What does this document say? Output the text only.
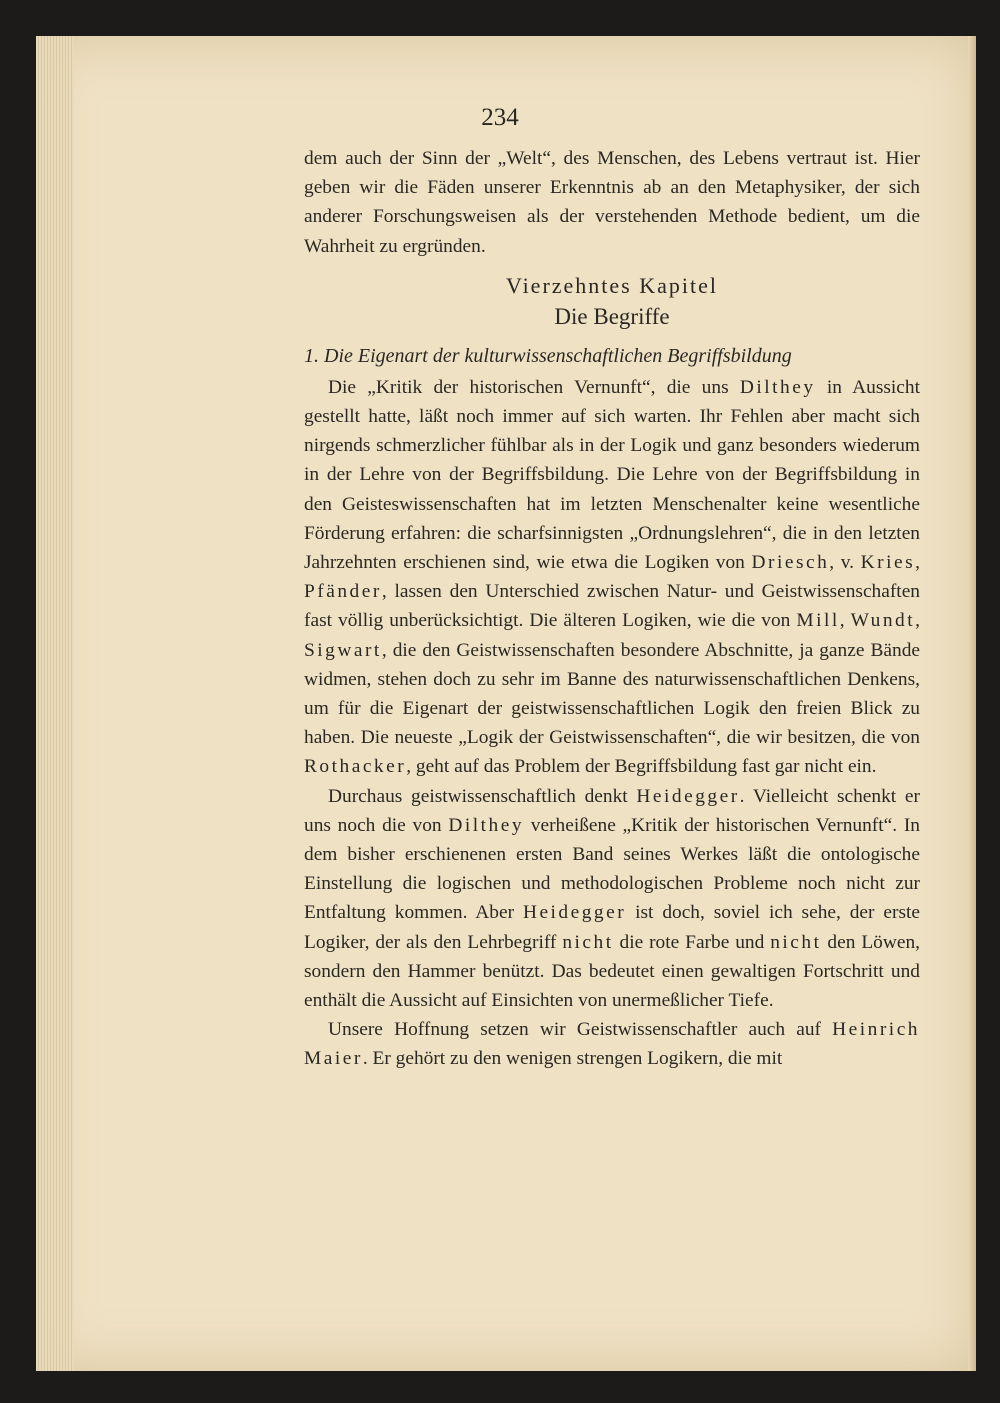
234

dem auch der Sinn der „Welt“, des Menschen, des Lebens vertraut ist. Hier geben wir die Fäden unserer Erkenntnis ab an den Metaphysiker, der sich anderer Forschungsweisen als der verstehenden Methode bedient, um die Wahrheit zu ergründen.

Vierzehntes Kapitel
Die Begriffe
1. Die Eigenart der kulturwissenschaftlichen Begriffsbildung

Die „Kritik der historischen Vernunft“, die uns Dilthey in Aussicht gestellt hatte, läßt noch immer auf sich warten. Ihr Fehlen aber macht sich nirgends schmerzlicher fühlbar als in der Logik und ganz besonders wiederum in der Lehre von der Begriffsbildung. Die Lehre von der Begriffsbildung in den Geisteswissenschaften hat im letzten Menschenalter keine wesentliche Förderung erfahren: die scharfsinnigsten „Ordnungslehren“, die in den letzten Jahrzehnten erschienen sind, wie etwa die Logiken von Driesch, v. Kries, Pfänder, lassen den Unterschied zwischen Natur- und Geistwissenschaften fast völlig unberücksichtigt. Die älteren Logiken, wie die von Mill, Wundt, Sigwart, die den Geistwissenschaften besondere Abschnitte, ja ganze Bände widmen, stehen doch zu sehr im Banne des naturwissenschaftlichen Denkens, um für die Eigenart der geistwissenschaftlichen Logik den freien Blick zu haben. Die neueste „Logik der Geistwissenschaften“, die wir besitzen, die von Rothacker, geht auf das Problem der Begriffsbildung fast gar nicht ein.

Durchaus geistwissenschaftlich denkt Heidegger. Vielleicht schenkt er uns noch die von Dilthey verheißene „Kritik der historischen Vernunft“. In dem bisher erschienenen ersten Band seines Werkes läßt die ontologische Einstellung die logischen und methodologischen Probleme noch nicht zur Entfaltung kommen. Aber Heidegger ist doch, soviel ich sehe, der erste Logiker, der als den Lehrbegriff nicht die rote Farbe und nicht den Löwen, sondern den Hammer benützt. Das bedeutet einen gewaltigen Fortschritt und enthält die Aussicht auf Einsichten von unermeßlicher Tiefe.

Unsere Hoffnung setzen wir Geistwissenschaftler auch auf Heinrich Maier. Er gehört zu den wenigen strengen Logikern, die mit
